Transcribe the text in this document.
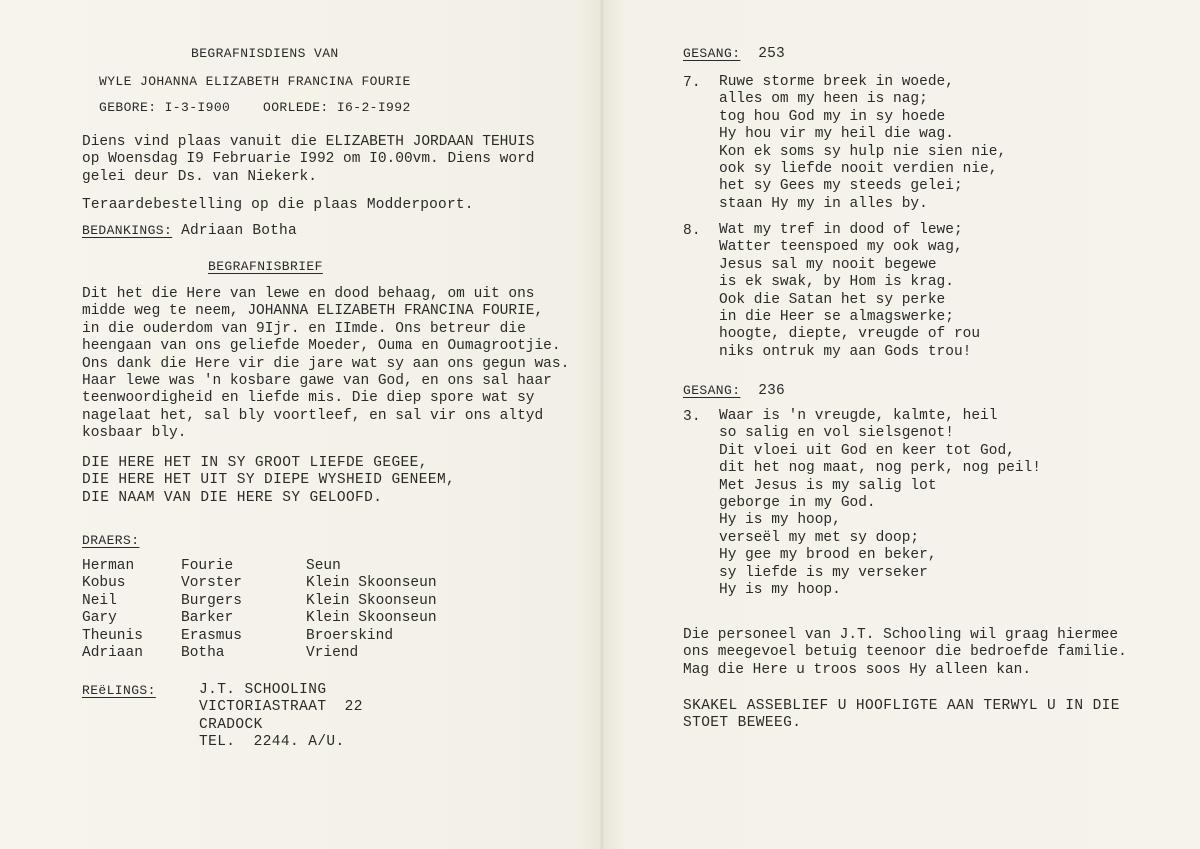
BEGRAFNISDIENS VAN
WYLE JOHANNA ELIZABETH FRANCINA FOURIE
GEBORE: I-3-I900    OORLEDE: I6-2-I992
Diens vind plaas vanuit die ELIZABETH JORDAAN TEHUIS
op Woensdag I9 Februarie I992 om I0.00vm. Diens word
gelei deur Ds. van Niekerk.
Teraardebestelling op die plaas Modderpoort.
BEDANKINGS: Adriaan Botha
BEGRAFNISBRIEF
Dit het die Here van lewe en dood behaag, om uit ons
midde weg te neem, JOHANNA ELIZABETH FRANCINA FOURIE,
in die ouderdom van 9Ijr. en IImde. Ons betreur die
heengaan van ons geliefde Moeder, Ouma en Oumagrootjie.
Ons dank die Here vir die jare wat sy aan ons gegun was.
Haar lewe was 'n kosbare gawe van God, en ons sal haar
teenwoordigheid en liefde mis. Die diep spore wat sy
nagelaat het, sal bly voortleef, en sal vir ons altyd
kosbaar bly.
DIE HERE HET IN SY GROOT LIEFDE GEGEE,
DIE HERE HET UIT SY DIEPE WYSHEID GENEEM,
DIE NAAM VAN DIE HERE SY GELOOFD.
DRAERS:
Herman
Kobus
Neil
Gary
Theunis
Adriaan
Fourie
Vorster
Burgers
Barker
Erasmus
Botha
Seun
Klein Skoonseun
Klein Skoonseun
Klein Skoonseun
Broerskind
Vriend
REëLINGS:	J.T. SCHOOLING
VICTORIASTRAAT  22
CRADOCK
TEL.  2244. A/U.
GESANG: 253
7. Ruwe storme breek in woede,
alles om my heen is nag;
tog hou God my in sy hoede
Hy hou vir my heil die wag.
Kon ek soms sy hulp nie sien nie,
ook sy liefde nooit verdien nie,
het sy Gees my steeds gelei;
staan Hy my in alles by.
8. Wat my tref in dood of lewe;
Watter teenspoed my ook wag,
Jesus sal my nooit begewe
is ek swak, by Hom is krag.
Ook die Satan het sy perke
in die Heer se almagswerke;
hoogte, diepte, vreugde of rou
niks ontruk my aan Gods trou!
GESANG: 236
3. Waar is 'n vreugde, kalmte, heil
so salig en vol sielsgenot!
Dit vloei uit God en keer tot God,
dit het nog maat, nog perk, nog peil!
Met Jesus is my salig lot
geborge in my God.
Hy is my hoop,
verseël my met sy doop;
Hy gee my brood en beker,
sy liefde is my verseker
Hy is my hoop.
Die personeel van J.T. Schooling wil graag hiermee
ons meegevoel betuig teenoor die bedroefde familie.
Mag die Here u troos soos Hy alleen kan.
SKAKEL ASSEBLIEF U HOOFLIGTE AAN TERWYL U IN DIE
STOET BEWEEG.
